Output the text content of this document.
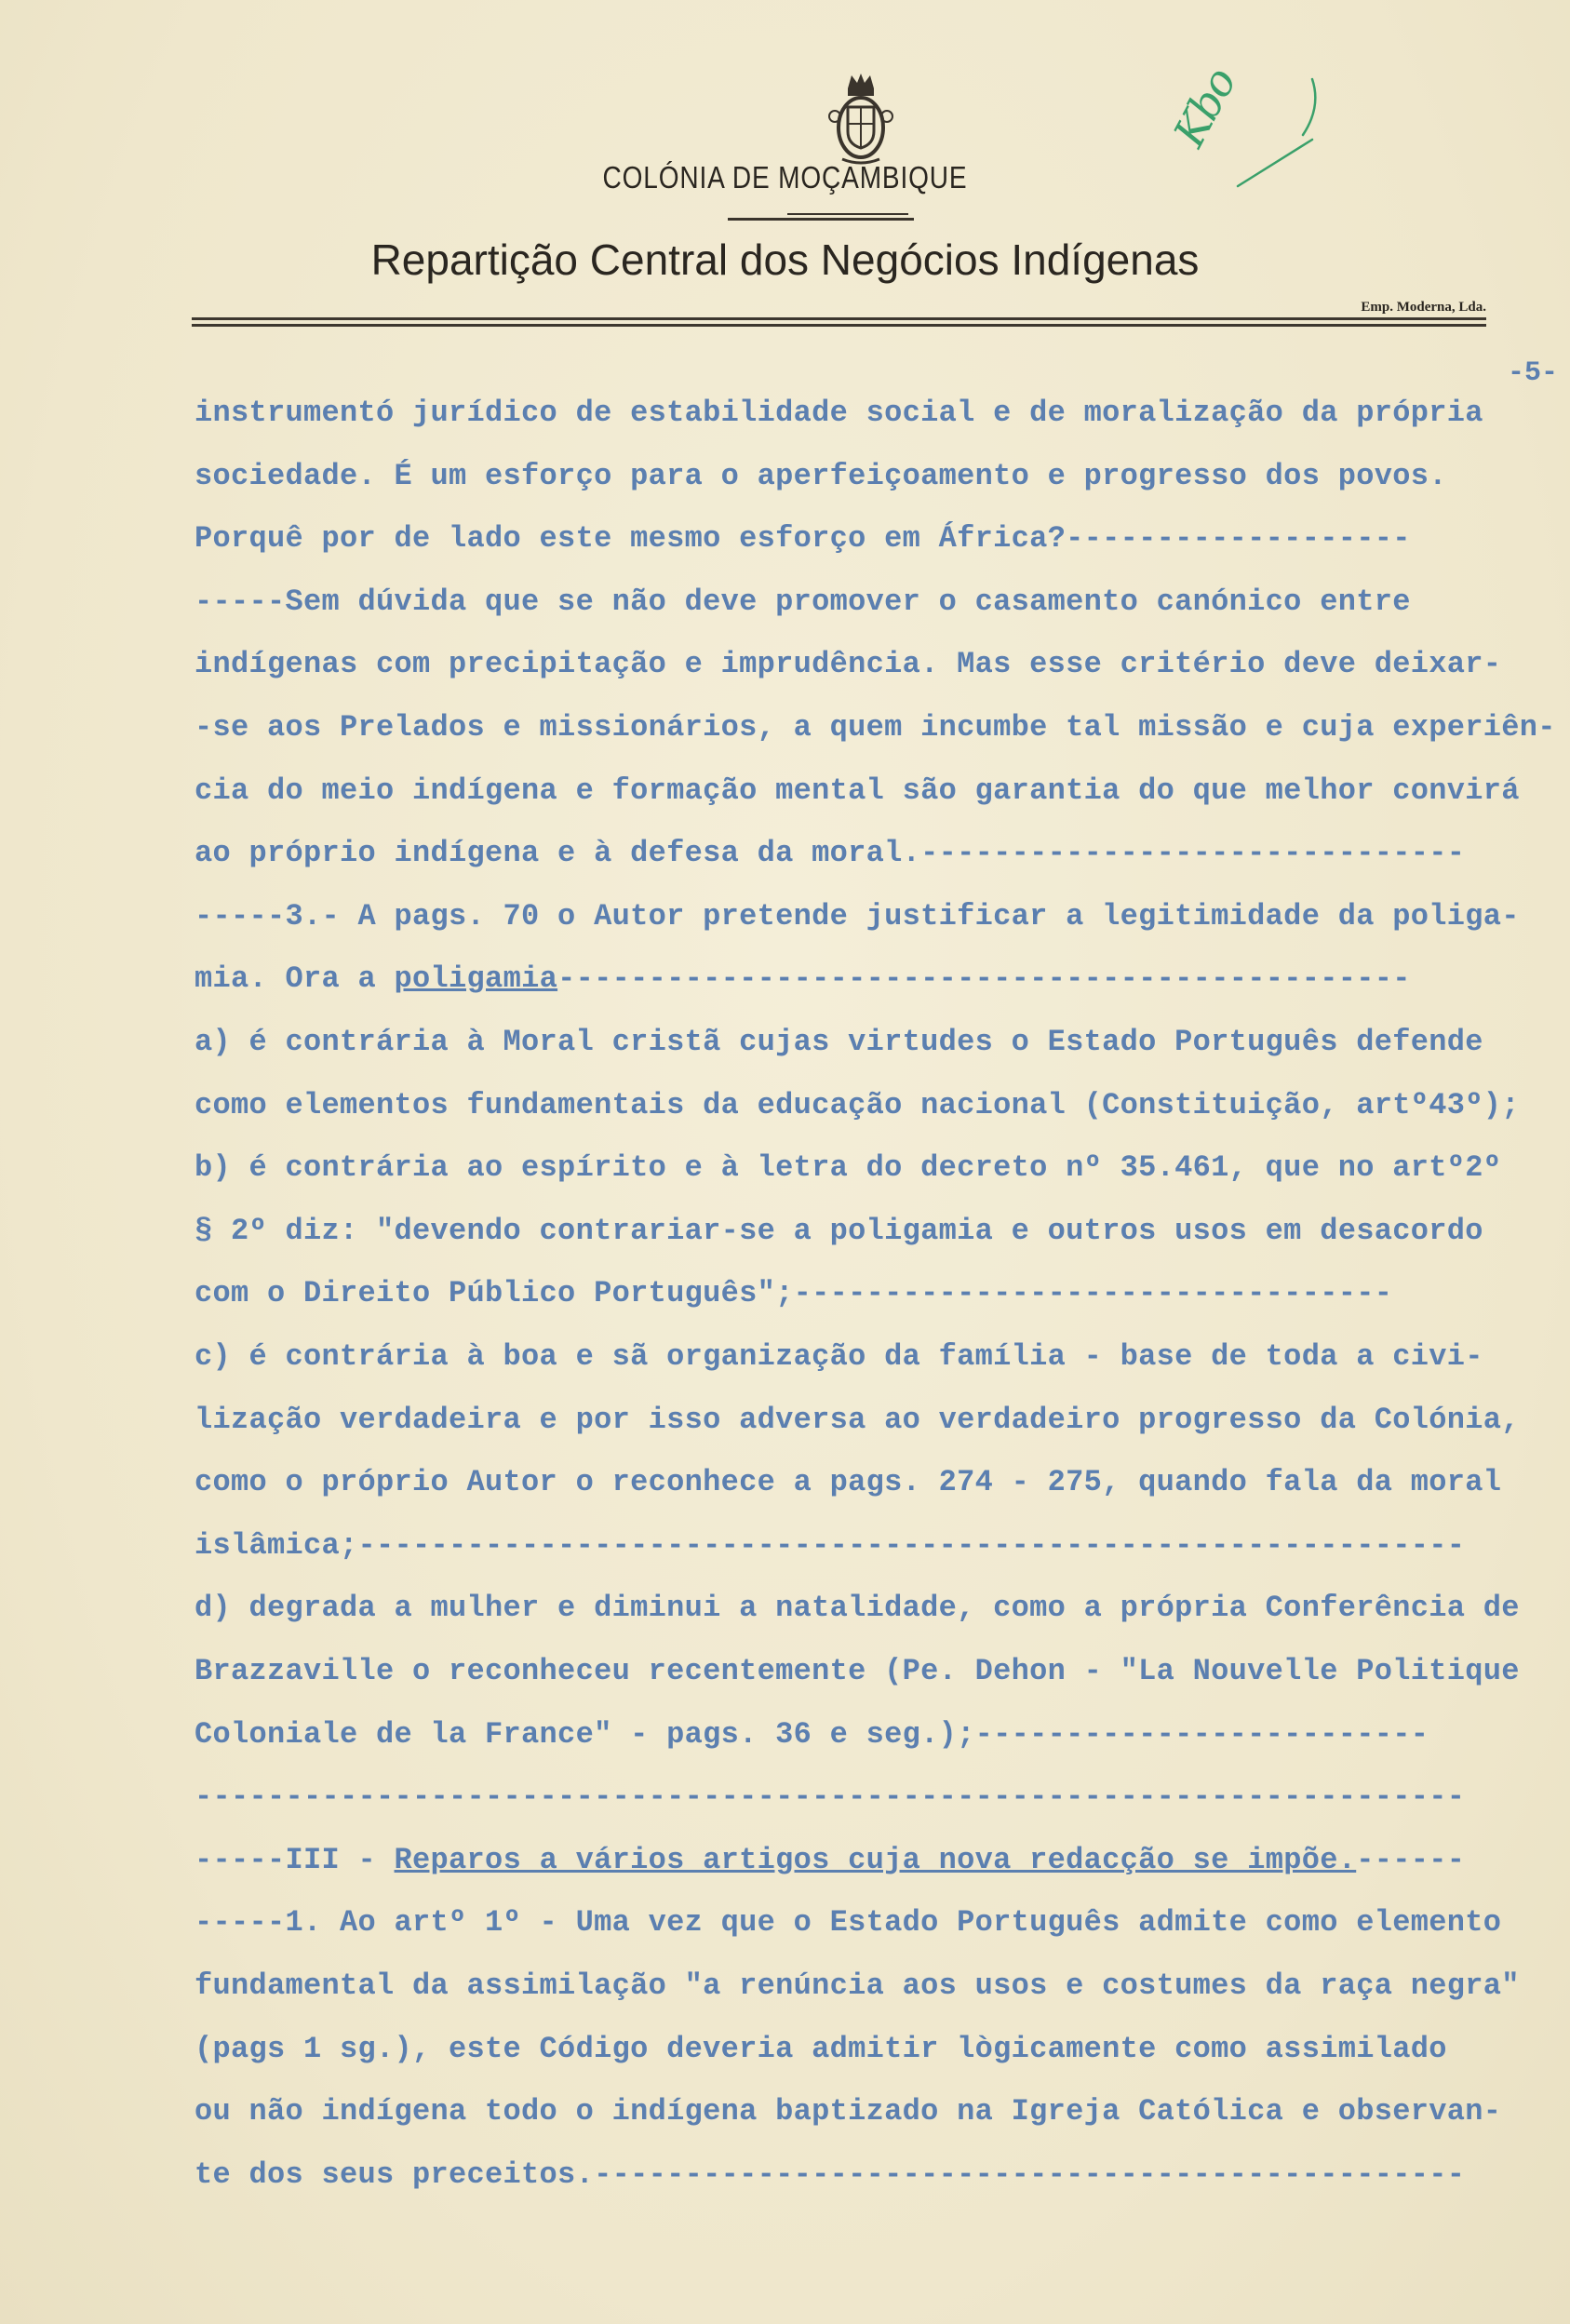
COLÓNIA DE MOÇAMBIQUE
Repartição Central dos Negócios Indígenas
Emp. Moderna, Lda.
Kbo
-5-
instrumentó jurídico de estabilidade social e de moralização da própria
sociedade. É um esforço para o aperfeiçoamento e progresso dos povos.
Porquê por de lado este mesmo esforço em África?-------------------
-----Sem dúvida que se não deve promover o casamento canónico entre
indígenas com precipitação e imprudência. Mas esse critério deve deixar-
-se aos Prelados e missionários, a quem incumbe tal missão e cuja experiên-
cia do meio indígena e formação mental são garantia do que melhor convirá
ao próprio indígena e à defesa da moral.------------------------------
-----3.- A pags. 70 o Autor pretende justificar a legitimidade da poliga-
mia. Ora a poligamia-----------------------------------------------
a) é contrária à Moral cristã cujas virtudes o Estado Português defende
como elementos fundamentais da educação nacional (Constituição, artº43º);
b) é contrária ao espírito e à letra do decreto nº 35.461, que no artº2º
§ 2º diz: "devendo contrariar-se a poligamia e outros usos em desacordo
com o Direito Público Português";---------------------------------
c) é contrária à boa e sã organização da família - base de toda a civi-
lização verdadeira e por isso adversa ao verdadeiro progresso da Colónia,
como o próprio Autor o reconhece a pags. 274 - 275, quando fala da moral
islâmica;-------------------------------------------------------------
d) degrada a mulher e diminui a natalidade, como a própria Conferência de
Brazzaville o reconheceu recentemente (Pe. Dehon - "La Nouvelle Politique
Coloniale de la France" - pags. 36 e seg.);-------------------------
----------------------------------------------------------------------
-----III - Reparos a vários artigos cuja nova redacção se impõe.------
-----1. Ao artº 1º - Uma vez que o Estado Português admite como elemento
fundamental da assimilação "a renúncia aos usos e costumes da raça negra"
(pags 1 sg.), este Código deveria admitir lògicamente como assimilado
ou não indígena todo o indígena baptizado na Igreja Católica e observan-
te dos seus preceitos.------------------------------------------------
